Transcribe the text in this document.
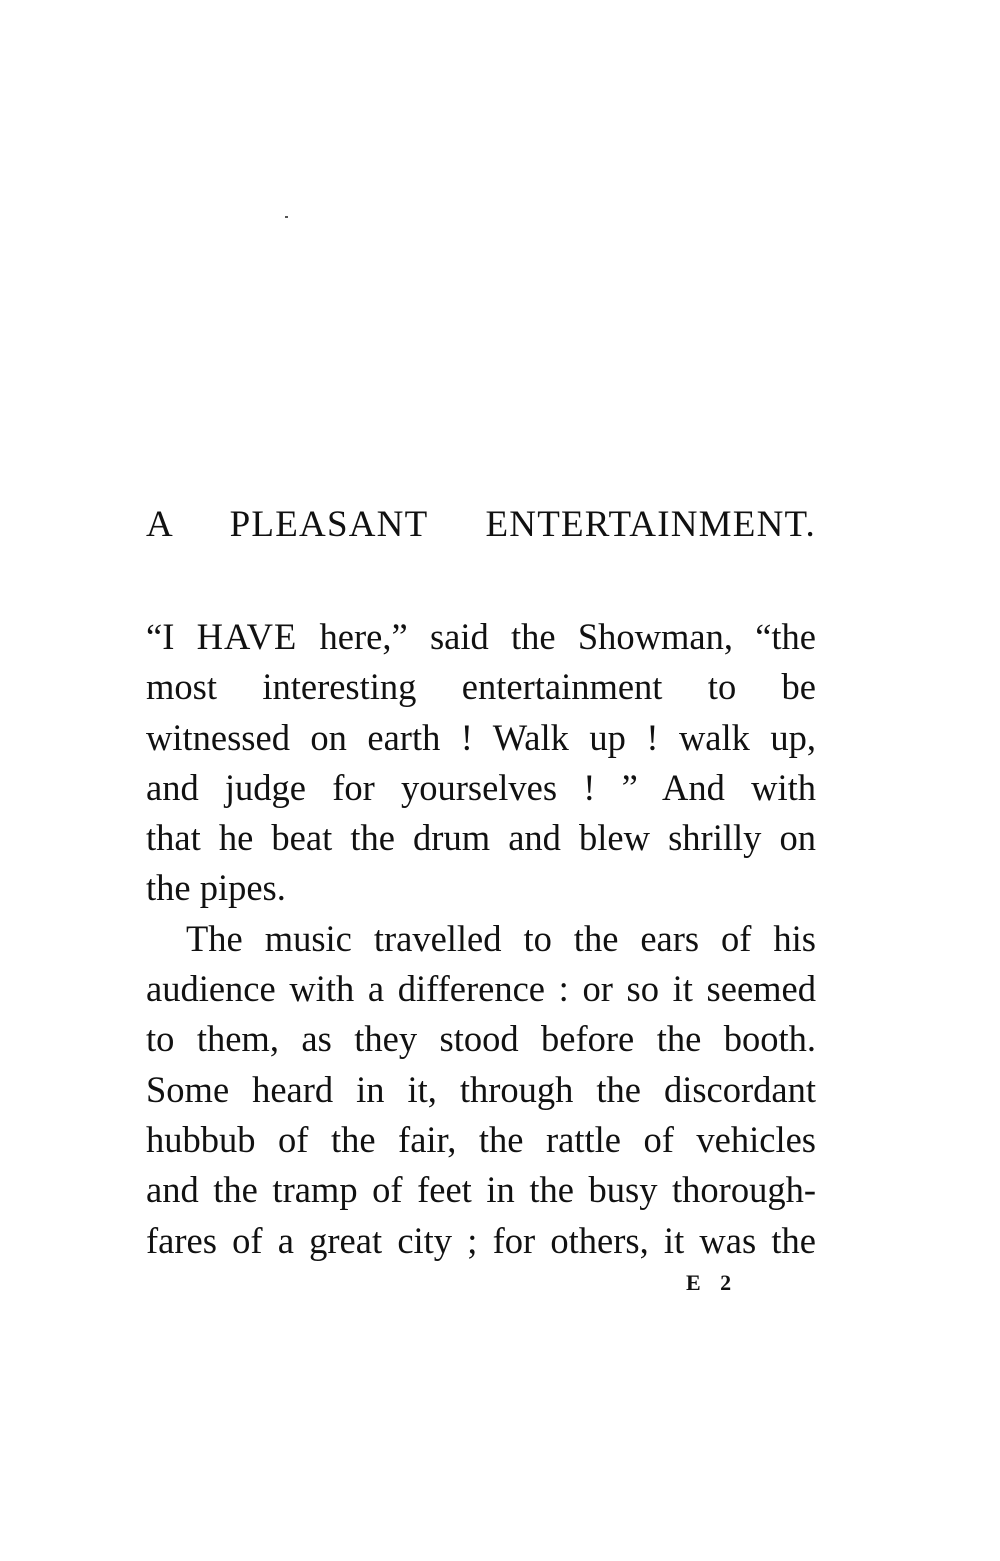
A PLEASANT ENTERTAINMENT.

“I HAVE here,” said the Showman, “the
most interesting entertainment to be
witnessed on earth ! Walk up ! walk up,
and judge for yourselves ! ” And with
that he beat the drum and blew shrilly on
the pipes.

The music travelled to the ears of his
audience with a difference : or so it seemed
to them, as they stood before the booth.
Some heard in it, through the discordant
hubbub of the fair, the rattle of vehicles
and the tramp of feet in the busy thorough-
fares of a great city ; for others, it was the

E 2
